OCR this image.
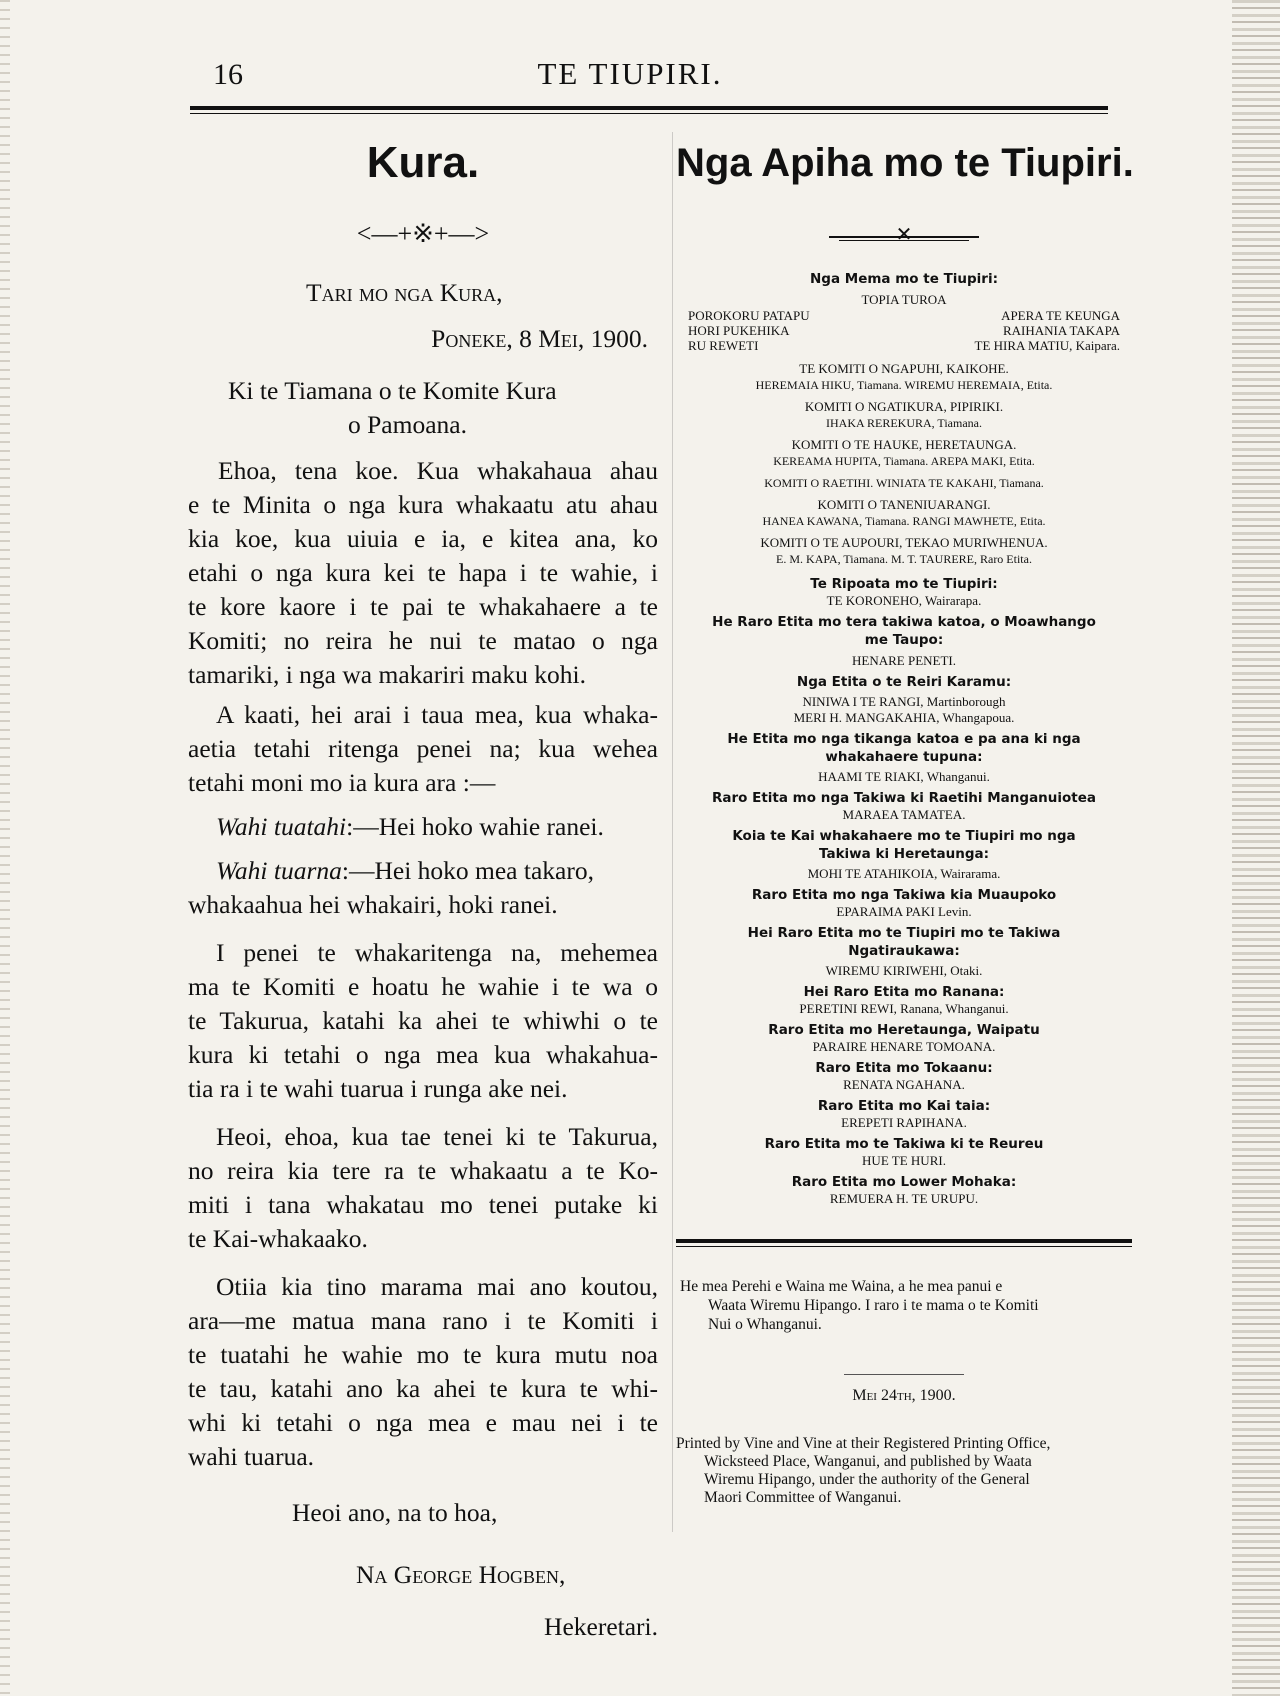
16	TE TIUPIRI.
Kura.
<—+※+—>
Tari mo nga Kura,
Poneke, 8 Mei, 1900.
Ki te Tiamana o te Komite Kura
o Pamoana.
Ehoa, tena koe. Kua whakahaua ahau
e te Minita o nga kura whakaatu atu ahau
kia koe, kua uiuia e ia, e kitea ana, ko
etahi o nga kura kei te hapa i te wahie, i
te kore kaore i te pai te whakahaere a te
Komiti; no reira he nui te matao o nga
tamariki, i nga wa makariri maku kohi.
A kaati, hei arai i taua mea, kua whaka-
aetia tetahi ritenga penei na; kua wehea
tetahi moni mo ia kura ara :—
Wahi tuatahi:—Hei hoko wahie ranei.
Wahi tuarna:—Hei hoko mea takaro,
whakaahua hei whakairi, hoki ranei.
I penei te whakaritenga na, mehemea
ma te Komiti e hoatu he wahie i te wa o
te Takurua, katahi ka ahei te whiwhi o te
kura ki tetahi o nga mea kua whakahua-
tia ra i te wahi tuarua i runga ake nei.
Heoi, ehoa, kua tae tenei ki te Takurua,
no reira kia tere ra te whakaatu a te Ko-
miti i tana whakatau mo tenei putake ki
te Kai-whakaako.
Otiia kia tino marama mai ano koutou,
ara—me matua mana rano i te Komiti i
te tuatahi he wahie mo te kura mutu noa
te tau, katahi ano ka ahei te kura te whi-
whi ki tetahi o nga mea e mau nei i te
wahi tuarua.
Heoi ano, na to hoa,
Na George Hogben,
Hekeretari.
Nga Apiha mo te Tiupiri.
✕
Nga Mema mo te Tiupiri:
TOPIA TUROA
POROKORU PATAPU	APERA TE KEUNGA
HORI PUKEHIKA	RAIHANIA TAKAPA
RU REWETI	TE HIRA MATIU, Kaipara.
TE KOMITI O NGAPUHI, KAIKOHE.
HEREMAIA HIKU, Tiamana. WIREMU HEREMAIA, Etita.
KOMITI O NGATIKURA, PIPIRIKI.
IHAKA REREKURA, Tiamana.
KOMITI O TE HAUKE, HERETAUNGA.
KEREAMA HUPITA, Tiamana. AREPA MAKI, Etita.
KOMITI O RAETIHI. WINIATA TE KAKAHI, Tiamana.
KOMITI O TANENIUARANGI.
HANEA KAWANA, Tiamana. RANGI MAWHETE, Etita.
KOMITI O TE AUPOURI, TEKAO MURIWHENUA.
E. M. KAPA, Tiamana. M. T. TAURERE, Raro Etita.
Te Ripoata mo te Tiupiri:
TE KORONEHO, Wairarapa.
He Raro Etita mo tera takiwa katoa, o Moawhango
me Taupo:
HENARE PENETI.
Nga Etita o te Reiri Karamu:
NINIWA I TE RANGI, Martinborough
MERI H. MANGAKAHIA, Whangapoua.
He Etita mo nga tikanga katoa e pa ana ki nga
whakahaere tupuna:
HAAMI TE RIAKI, Whanganui.
Raro Etita mo nga Takiwa ki Raetihi Manganuiotea
MARAEA TAMATEA.
Koia te Kai whakahaere mo te Tiupiri mo nga
Takiwa ki Heretaunga:
MOHI TE ATAHIKOIA, Wairarama.
Raro Etita mo nga Takiwa kia Muaupoko
EPARAIMA PAKI Levin.
Hei Raro Etita mo te Tiupiri mo te Takiwa
Ngatiraukawa:
WIREMU KIRIWEHI, Otaki.
Hei Raro Etita mo Ranana:
PERETINI REWI, Ranana, Whanganui.
Raro Etita mo Heretaunga, Waipatu
PARAIRE HENARE TOMOANA.
Raro Etita mo Tokaanu:
RENATA NGAHANA.
Raro Etita mo Kai taia:
EREPETI RAPIHANA.
Raro Etita mo te Takiwa ki te Reureu
HUE TE HURI.
Raro Etita mo Lower Mohaka:
REMUERA H. TE URUPU.
He mea Perehi e Waina me Waina, a he mea panui e
Waata Wiremu Hipango. I raro i te mama o te Komiti
Nui o Whanganui.
Mei 24th, 1900.
Printed by Vine and Vine at their Registered Printing Office,
Wicksteed Place, Wanganui, and published by Waata
Wiremu Hipango, under the authority of the General
Maori Committee of Wanganui.
